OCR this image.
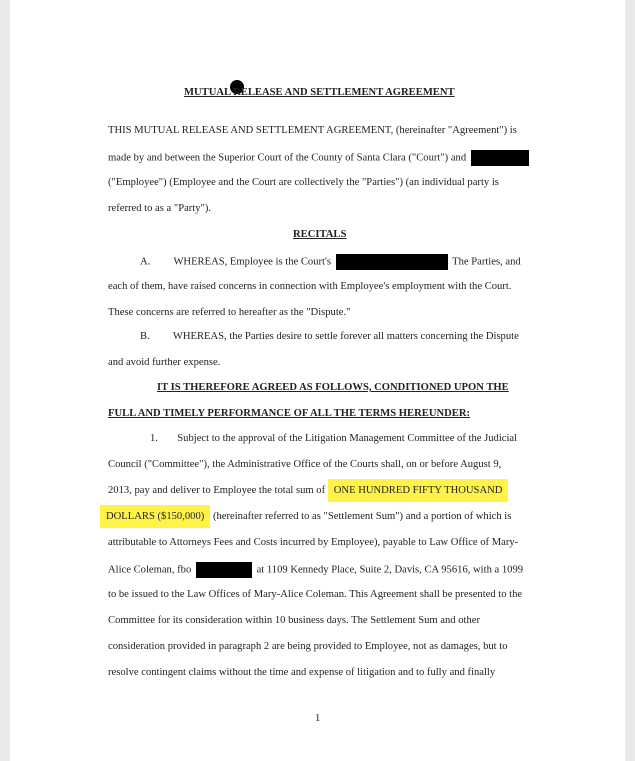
MUTUAL RELEASE AND SETTLEMENT AGREEMENT
THIS MUTUAL RELEASE AND SETTLEMENT AGREEMENT, (hereinafter "Agreement") is
made by and between the Superior Court of the County of Santa Clara ("Court") and
("Employee") (Employee and the Court are collectively the "Parties") (an individual party is
referred to as a "Party").
RECITALS
A. WHEREAS, Employee is the Court's	The Parties, and
each of them, have raised concerns in connection with Employee's employment with the Court.
These concerns are referred to hereafter as the "Dispute."
B. WHEREAS, the Parties desire to settle forever all matters concerning the Dispute
and avoid further expense.
IT IS THEREFORE AGREED AS FOLLOWS, CONDITIONED UPON THE
FULL AND TIMELY PERFORMANCE OF ALL THE TERMS HEREUNDER:
1. Subject to the approval of the Litigation Management Committee of the Judicial
Council ("Committee"), the Administrative Office of the Courts shall, on or before August 9,
2013, pay and deliver to Employee the total sum of ONE HUNDRED FIFTY THOUSAND
DOLLARS ($150,000) (hereinafter referred to as "Settlement Sum") and a portion of which is
attributable to Attorneys Fees and Costs incurred by Employee), payable to Law Office of Mary-
Alice Coleman, fbo	at 1109 Kennedy Place, Suite 2, Davis, CA 95616, with a 1099
to be issued to the Law Offices of Mary-Alice Coleman. This Agreement shall be presented to the
Committee for its consideration within 10 business days. The Settlement Sum and other
consideration provided in paragraph 2 are being provided to Employee, not as damages, but to
resolve contingent claims without the time and expense of litigation and to fully and finally
1
